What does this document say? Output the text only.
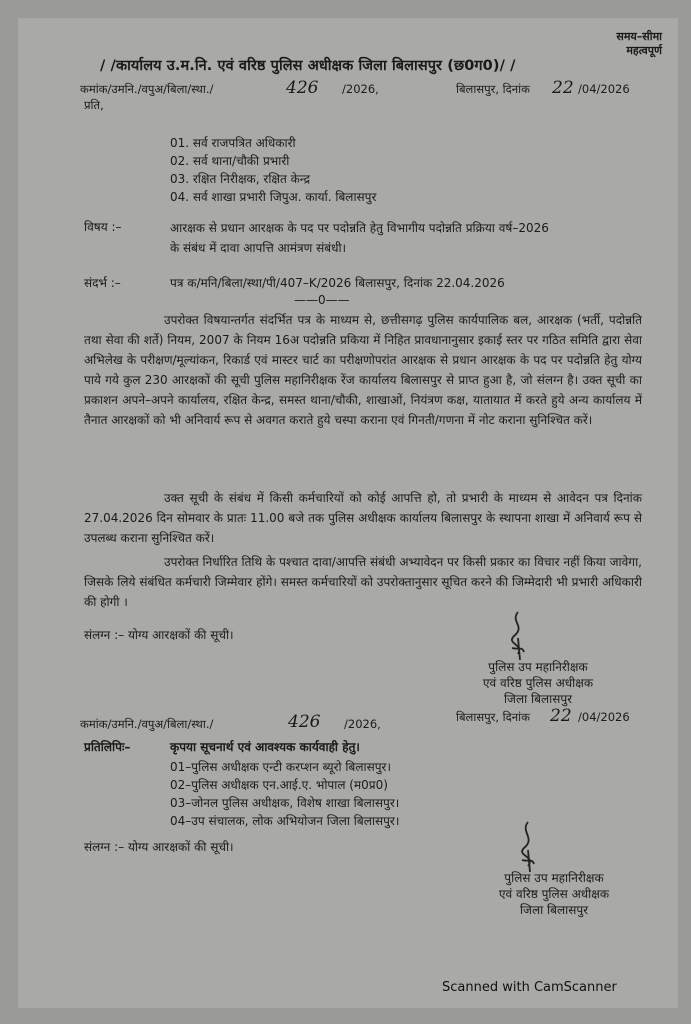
समय–सीमा
महत्वपूर्ण
/ /कार्यालय उ.म.नि. एवं वरिष्ठ पुलिस अधीक्षक जिला बिलासपुर (छ0ग0)/ /
कमांक/उमनि./वपुअ/बिला/स्था./	426 /2026,	बिलासपुर, दिनांक 22 /04/2026
प्रति,
01. सर्व राजपत्रित अधिकारी
02. सर्व थाना/चौकी प्रभारी
03. रक्षित निरीक्षक, रक्षित केन्द्र
04. सर्व शाखा प्रभारी जिपुअ. कार्या. बिलासपुर
विषय :–	आरक्षक से प्रधान आरक्षक के पद पर पदोन्नति हेतु विभागीय पदोन्नति प्रक्रिया वर्ष–2026
के संबंध में दावा आपत्ति आमंत्रण संबंधी।
संदर्भ :–	पत्र क/मनि/बिला/स्था/पी/407–K/2026 बिलासपुर, दिनांक 22.04.2026
——0——
उपरोक्त विषयान्तर्गत संदर्भित पत्र के माध्यम से, छत्तीसगढ़ पुलिस कार्यपालिक बल, आरक्षक (भर्ती, पदोन्नति तथा सेवा की शर्ते) नियम, 2007 के नियम 16अ पदोन्नति प्रकिया में निहित प्रावधानानुसार इकाई स्तर पर गठित समिति द्वारा सेवा अभिलेख के परीक्षण/मूल्यांकन, रिकार्ड एवं मास्टर चार्ट का परीक्षणोपरांत आरक्षक से प्रधान आरक्षक के पद पर पदोन्नति हेतु योग्य पाये गये कुल 230 आरक्षकों की सूची पुलिस महानिरीक्षक रेंज कार्यालय बिलासपुर से प्राप्त हुआ है, जो संलग्न है। उक्त सूची का प्रकाशन अपने–अपने कार्यालय, रक्षित केन्द्र, समस्त थाना/चौकी, शाखाओं, नियंत्रण कक्ष, यातायात में करते हुये अन्य कार्यालय में तैनात आरक्षकों को भी अनिवार्य रूप से अवगत कराते हुये चस्पा कराना एवं गिनती/गणना में नोट कराना सुनिश्चित करें।
उक्त सूची के संबंध में किसी कर्मचारियों को कोई आपत्ति हो, तो प्रभारी के माध्यम से आवेदन पत्र दिनांक 27.04.2026 दिन सोमवार के प्रातः 11.00 बजे तक पुलिस अधीक्षक कार्यालय बिलासपुर के स्थापना शाखा में अनिवार्य रूप से उपलब्ध कराना सुनिश्चित करें।
उपरोक्त निर्धारित तिथि के पश्चात दावा/आपत्ति संबंधी अभ्यावेदन पर किसी प्रकार का विचार नहीं किया जावेगा, जिसके लिये संबंधित कर्मचारी जिम्मेवार होंगे। समस्त कर्मचारियों को उपरोक्तानुसार सूचित करने की जिम्मेदारी भी प्रभारी अधिकारी की होगी ।
संलग्न :– योग्य आरक्षकों की सूची।
पुलिस उप महानिरीक्षक
एवं वरिष्ठ पुलिस अधीक्षक
जिला बिलासपुर
बिलासपुर, दिनांक 22 /04/2026
कमांक/उमनि./वपुअ/बिला/स्था./	426 /2026,
प्रतिलिपिः–	कृपया सूचनार्थ एवं आवश्यक कार्यवाही हेतु।
01–पुलिस अधीक्षक एन्टी करप्शन ब्यूरो बिलासपुर।
02–पुलिस अधीक्षक एन.आई.ए. भोपाल (म0प्र0)
03–जोनल पुलिस अधीक्षक, विशेष शाखा बिलासपुर।
04–उप संचालक, लोक अभियोजन जिला बिलासपुर।
संलग्न :– योग्य आरक्षकों की सूची।
पुलिस उप महानिरीक्षक
एवं वरिष्ठ पुलिस अधीक्षक
जिला बिलासपुर
Scanned with CamScanner
